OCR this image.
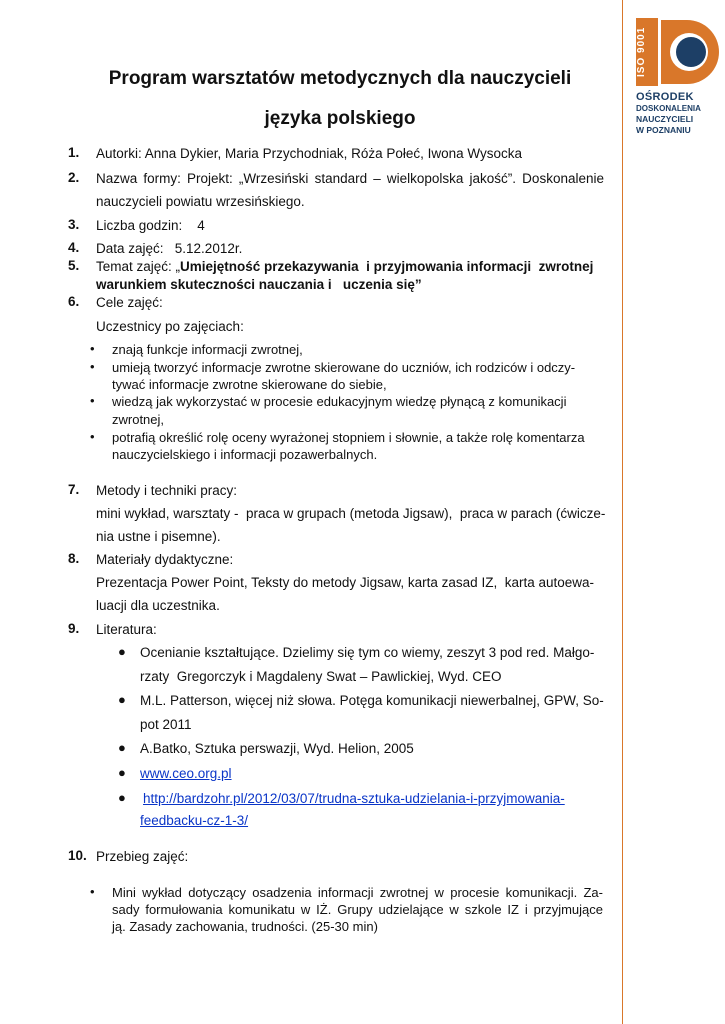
ISO 9001
OŚRODEK
DOSKONALENIA
NAUCZYCIELI
W POZNANIU
Program warsztatów metodycznych dla nauczycieli
języka polskiego
1. Autorki: Anna Dykier, Maria Przychodniak, Róża Połeć, Iwona Wysocka
2. Nazwa formy: Projekt: „Wrzesiński standard – wielkopolska jakość”. Doskonalenie
nauczycieli powiatu wrzesińskiego.
3. Liczba godzin:    4
4. Data zajęć:   5.12.2012r.
5. Temat zajęć: „Umiejętność przekazywania  i przyjmowania informacji  zwrotnej
warunkiem skuteczności nauczania i   uczenia się”
6. Cele zajęć:
Uczestnicy po zajęciach:
• znają funkcje informacji zwrotnej,
• umieją tworzyć informacje zwrotne skierowane do uczniów, ich rodziców i odczy-
tywać informacje zwrotne skierowane do siebie,
• wiedzą jak wykorzystać w procesie edukacyjnym wiedzę płynącą z komunikacji
zwrotnej,
• potrafią określić rolę oceny wyrażonej stopniem i słownie, a także rolę komentarza
nauczycielskiego i informacji pozawerbalnych.
7. Metody i techniki pracy:
mini wykład, warsztaty -  praca w grupach (metoda Jigsaw),  praca w parach (ćwicze-
nia ustne i pisemne).
8. Materiały dydaktyczne:
Prezentacja Power Point, Teksty do metody Jigsaw, karta zasad IZ,  karta autoewa-
luacji dla uczestnika.
9. Literatura:
● Ocenianie kształtujące. Dzielimy się tym co wiemy, zeszyt 3 pod red. Małgo-
rzaty  Gregorczyk i Magdaleny Swat – Pawlickiej, Wyd. CEO
● M.L. Patterson, więcej niż słowa. Potęga komunikacji niewerbalnej, GPW, So-
pot 2011
● A.Batko, Sztuka perswazji, Wyd. Helion, 2005
● www.ceo.org.pl
● http://bardzohr.pl/2012/03/07/trudna-sztuka-udzielania-i-przyjmowania-
feedbacku-cz-1-3/
10. Przebieg zajęć:
• Mini wykład dotyczący osadzenia informacji zwrotnej w procesie komunikacji. Za-
sady formułowania komunikatu w IŻ. Grupy udzielające w szkole IZ i przyjmujące
ją. Zasady zachowania, trudności. (25-30 min)
